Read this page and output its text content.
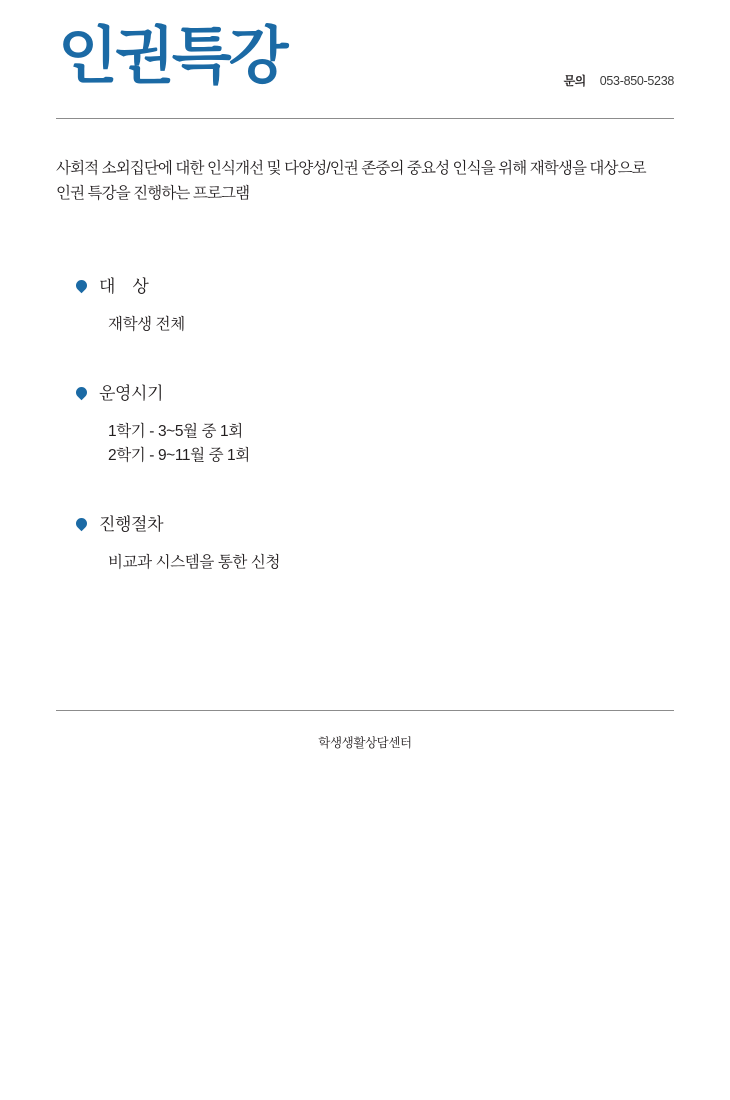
인권특강	문의 053-850-5238
사회적 소외집단에 대한 인식개선 및 다양성/인권 존중의 중요성 인식을 위해 재학생을 대상으로 인권 특강을 진행하는 프로그램
대    상
재학생 전체
운영시기
1학기 - 3~5월 중 1회
2학기 - 9~11월 중 1회
진행절차
비교과 시스템을 통한 신청
학생생활상담센터
